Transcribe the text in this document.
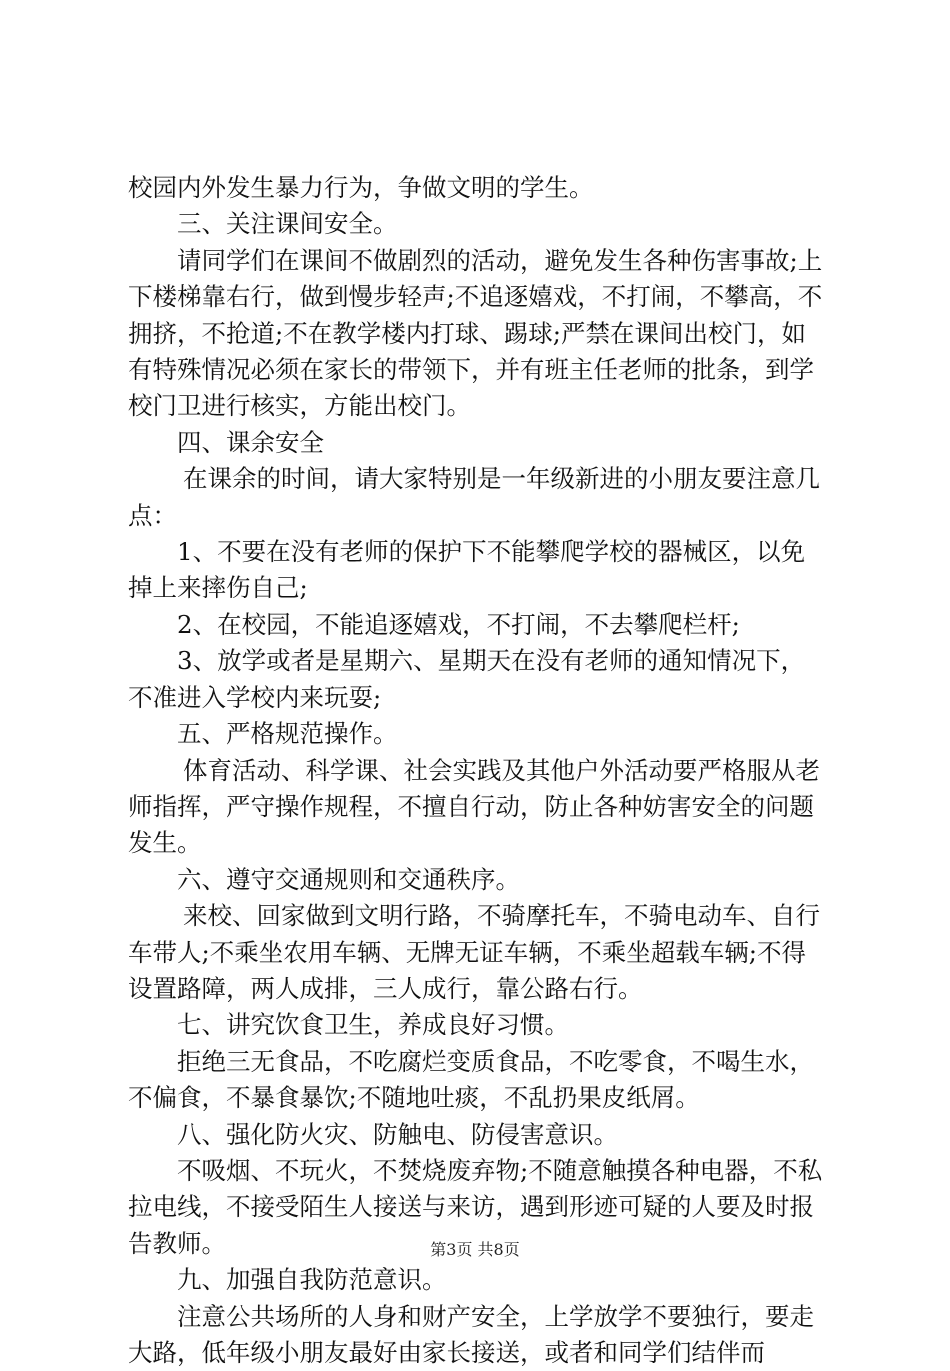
校园内外发生暴力行为，争做文明的学生。

三、关注课间安全。

请同学们在课间不做剧烈的活动，避免发生各种伤害事故;上下楼梯靠右行，做到慢步轻声;不追逐嬉戏，不打闹，不攀高，不拥挤，不抢道;不在教学楼内打球、踢球;严禁在课间出校门，如有特殊情况必须在家长的带领下，并有班主任老师的批条，到学校门卫进行核实，方能出校门。

四、课余安全

在课余的时间，请大家特别是一年级新进的小朋友要注意几点：

1、不要在没有老师的保护下不能攀爬学校的器械区，以免掉上来摔伤自己;

2、在校园，不能追逐嬉戏，不打闹，不去攀爬栏杆;

3、放学或者是星期六、星期天在没有老师的通知情况下，不准进入学校内来玩耍;

五、严格规范操作。

体育活动、科学课、社会实践及其他户外活动要严格服从老师指挥，严守操作规程，不擅自行动，防止各种妨害安全的问题发生。

六、遵守交通规则和交通秩序。

来校、回家做到文明行路，不骑摩托车，不骑电动车、自行车带人;不乘坐农用车辆、无牌无证车辆，不乘坐超载车辆;不得设置路障，两人成排，三人成行，靠公路右行。

七、讲究饮食卫生，养成良好习惯。

拒绝三无食品，不吃腐烂变质食品，不吃零食，不喝生水，不偏食，不暴食暴饮;不随地吐痰，不乱扔果皮纸屑。

八、强化防火灾、防触电、防侵害意识。

不吸烟、不玩火，不焚烧废弃物;不随意触摸各种电器，不私拉电线，不接受陌生人接送与来访，遇到形迹可疑的人要及时报告教师。

九、加强自我防范意识。

注意公共场所的人身和财产安全，上学放学不要独行，要走大路，低年级小朋友最好由家长接送，或者和同学们结伴而

第3页 共8页
